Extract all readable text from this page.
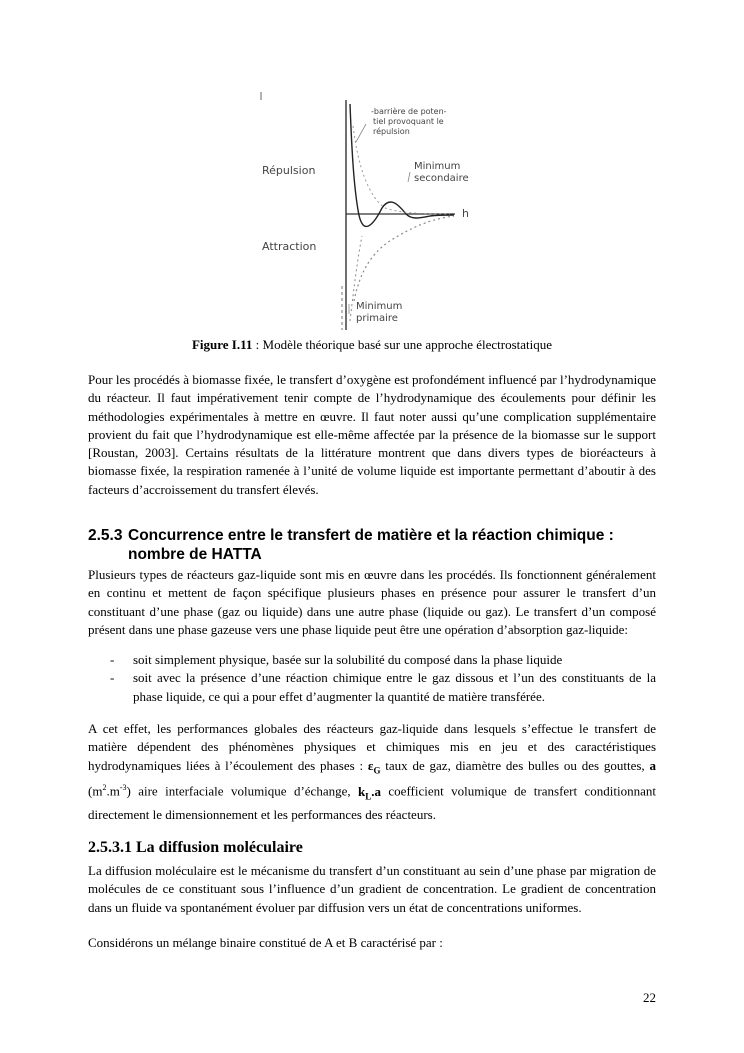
-barrière de poten-
tiel provoquant le
répulsion
Répulsion	Minimum
secondaire
h
Attraction
Minimum
primaire
Figure I.11 : Modèle théorique basé sur une approche électrostatique

Pour les procédés à biomasse fixée, le transfert d’oxygène est profondément influencé par l’hydrodynamique du réacteur. Il faut impérativement tenir compte de l’hydrodynamique des écoulements pour définir les méthodologies expérimentales à mettre en œuvre. Il faut noter aussi qu’une complication supplémentaire provient du fait que l’hydrodynamique est elle-même affectée par la présence de la biomasse sur le support [Roustan, 2003]. Certains résultats de la littérature montrent que dans divers types de bioréacteurs à biomasse fixée, la respiration ramenée à l’unité de volume liquide est importante permettant d’aboutir à des facteurs d’accroissement du transfert élevés.

2.5.3 Concurrence entre le transfert de matière et la réaction chimique :
nombre de HATTA

Plusieurs types de réacteurs gaz-liquide sont mis en œuvre dans les procédés. Ils fonctionnent généralement en continu et mettent de façon spécifique plusieurs phases en présence pour assurer le transfert d’un constituant d’une phase (gaz ou liquide) dans une autre phase (liquide ou gaz). Le transfert d’un composé présent dans une phase gazeuse vers une phase liquide peut être une opération d’absorption gaz-liquide:

- soit simplement physique, basée sur la solubilité du composé dans la phase liquide
- soit avec la présence d’une réaction chimique entre le gaz dissous et l’un des constituants de la phase liquide, ce qui a pour effet d’augmenter la quantité de matière transférée.

A cet effet, les performances globales des réacteurs gaz-liquide dans lesquels s’effectue le transfert de matière dépendent des phénomènes physiques et chimiques mis en jeu et des caractéristiques hydrodynamiques liées à l’écoulement des phases : $\varepsilon_G$ taux de gaz, diamètre des bulles ou des gouttes, a $(m^2.m^{-3})$ aire interfaciale volumique d’échange, $k_L.a$ coefficient volumique de transfert conditionnant directement le dimensionnement et les performances des réacteurs.

2.5.3.1 La diffusion moléculaire

La diffusion moléculaire est le mécanisme du transfert d’un constituant au sein d’une phase par migration de molécules de ce constituant sous l’influence d’un gradient de concentration. Le gradient de concentration dans un fluide va spontanément évoluer par diffusion vers un état de concentrations uniformes.

Considérons un mélange binaire constitué de A et B caractérisé par :

22
